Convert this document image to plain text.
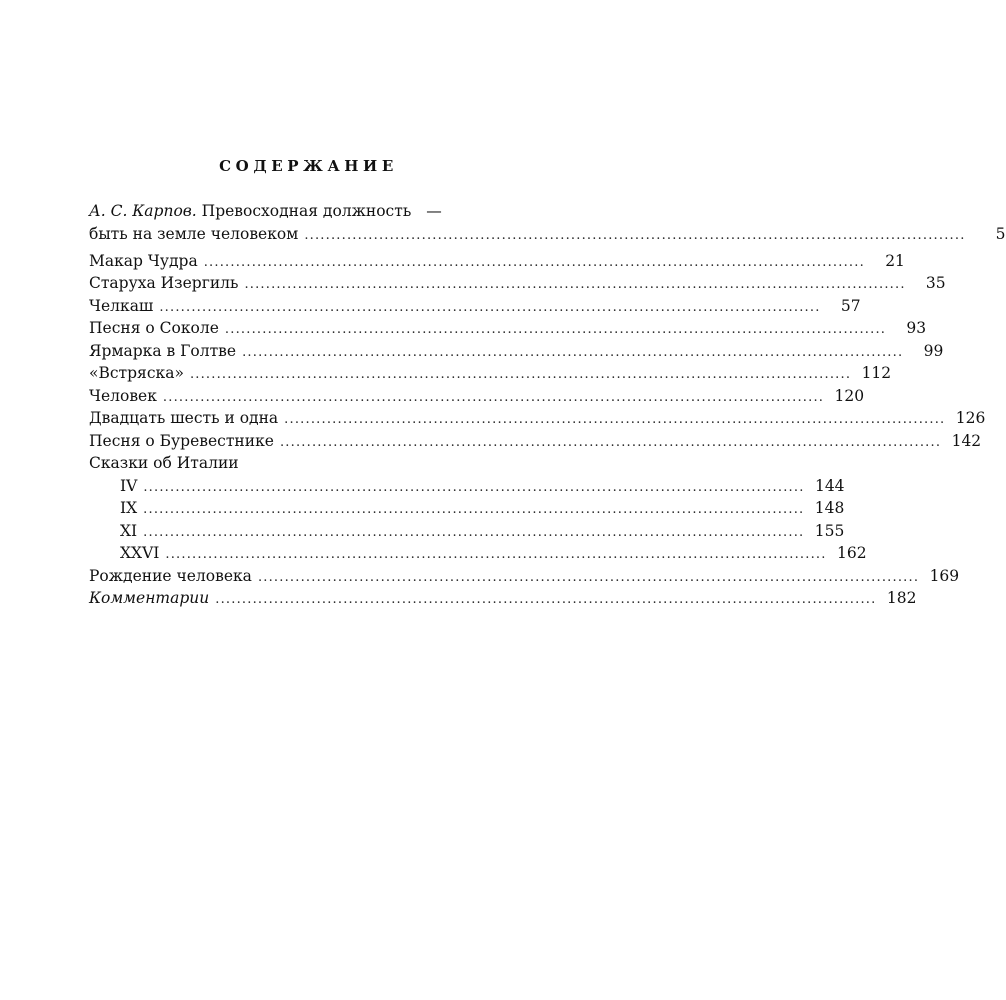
СОДЕРЖАНИЕ
А. С. Карпов. Превосходная должность —
быть на земле человеком ............................................................................................................................	5
Макар Чудра ............................................................................................................................	21
Старуха Изергиль ............................................................................................................................	35
Челкаш ............................................................................................................................	57
Песня о Соколе ............................................................................................................................	93
Ярмарка в Голтве ............................................................................................................................	99
«Встряска» ............................................................................................................................ 112
Человек ............................................................................................................................ 120
Двадцать шесть и одна ............................................................................................................................ 126
Песня о Буревестнике ............................................................................................................................ 142
Сказки об Италии
IV ............................................................................................................................ 144
IX ............................................................................................................................ 148
XI ............................................................................................................................ 155
XXVI ............................................................................................................................ 162
Рождение человека ............................................................................................................................ 169
Комментарии ............................................................................................................................ 182
